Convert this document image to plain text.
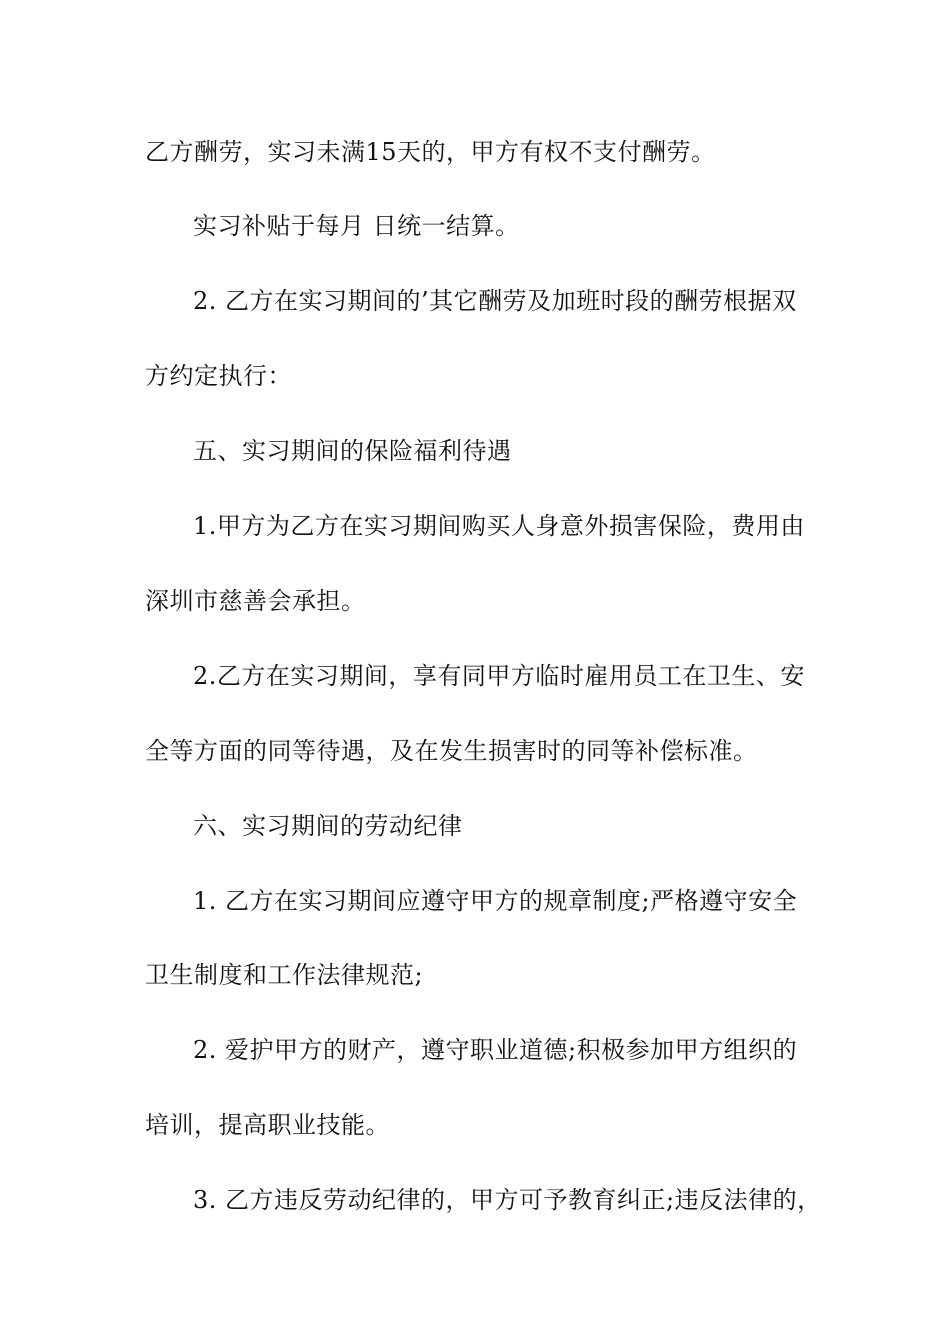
乙方酬劳，实习未满15天的，甲方有权不支付酬劳。
实习补贴于每月 日统一结算。
2. 乙方在实习期间的’其它酬劳及加班时段的酬劳根据双
方约定执行：
五、实习期间的保险福利待遇
1.甲方为乙方在实习期间购买人身意外损害保险，费用由
深圳市慈善会承担。
2.乙方在实习期间，享有同甲方临时雇用员工在卫生、安
全等方面的同等待遇，及在发生损害时的同等补偿标准。
六、实习期间的劳动纪律
1. 乙方在实习期间应遵守甲方的规章制度;严格遵守安全
卫生制度和工作法律规范;
2. 爱护甲方的财产，遵守职业道德;积极参加甲方组织的
培训，提高职业技能。
3. 乙方违反劳动纪律的，甲方可予教育纠正;违反法律的，
